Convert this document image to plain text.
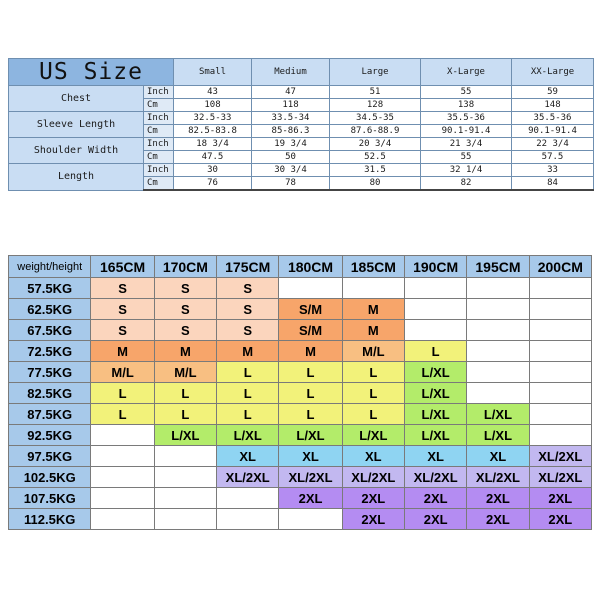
US Size		Small	Medium	Large	X-Large	XX-Large
Chest	Inch	43	47	51	55	59
	Cm	108	118	128	138	148
Sleeve Length	Inch	32.5-33	33.5-34	34.5-35	35.5-36	35.5-36
	Cm	82.5-83.8	85-86.3	87.6-88.9	90.1-91.4	90.1-91.4
Shoulder Width	Inch	18 3/4	19 3/4	20 3/4	21 3/4	22 3/4
	Cm	47.5	50	52.5	55	57.5
Length	Inch	30	30 3/4	31.5	32 1/4	33
	Cm	76	78	80	82	84
weight/height	165CM	170CM	175CM	180CM	185CM	190CM	195CM	200CM
57.5KG	S	S	S					
62.5KG	S	S	S	S/M	M			
67.5KG	S	S	S	S/M	M			
72.5KG	M	M	M	M	M/L	L		
77.5KG	M/L	M/L	L	L	L	L/XL		
82.5KG	L	L	L	L	L	L/XL		
87.5KG	L	L	L	L	L	L/XL	L/XL	
92.5KG		L/XL	L/XL	L/XL	L/XL	L/XL	L/XL	
97.5KG			XL	XL	XL	XL	XL	XL/2XL
102.5KG			XL/2XL	XL/2XL	XL/2XL	XL/2XL	XL/2XL	XL/2XL
107.5KG				2XL	2XL	2XL	2XL	2XL
112.5KG					2XL	2XL	2XL	2XL
